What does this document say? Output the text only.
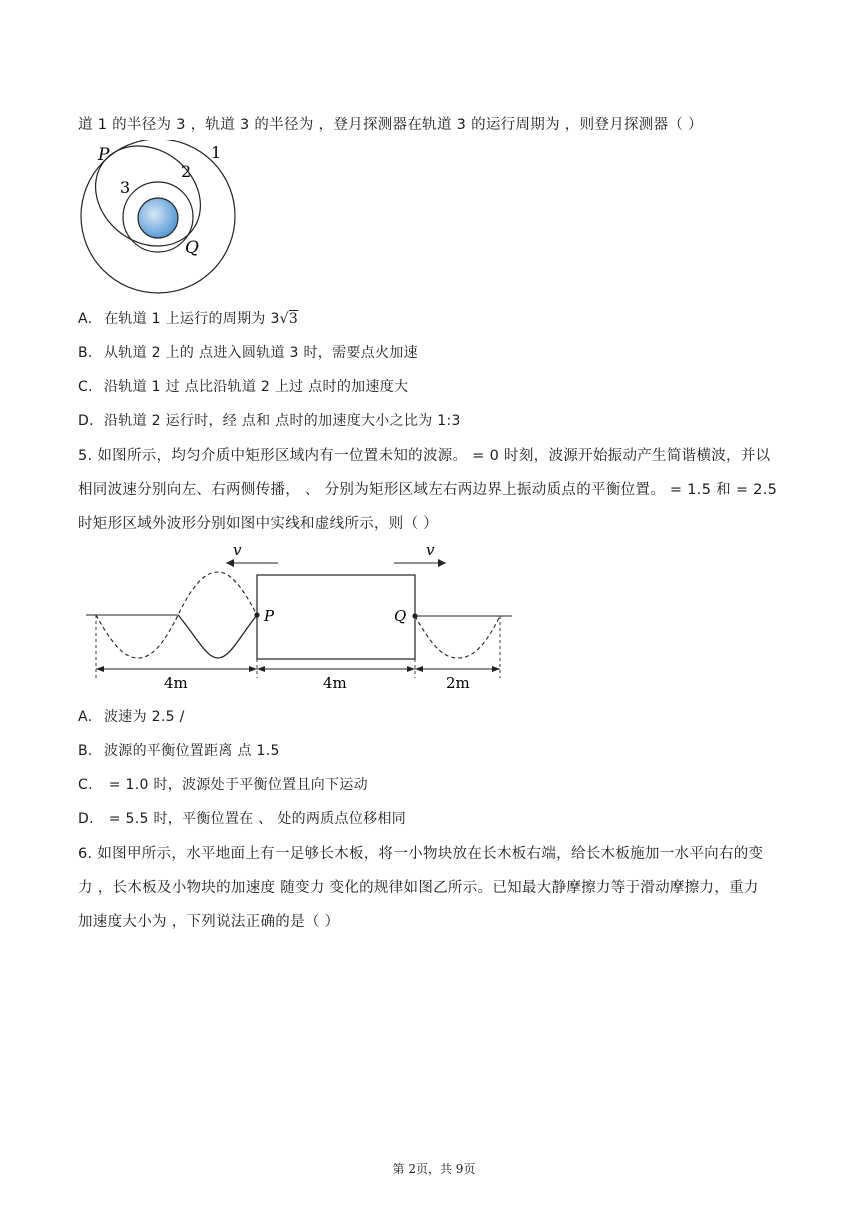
道 1 的半径为 3 ，轨道 3 的半径为 ，登月探测器在轨道 3 的运行周期为 ，则登月探测器（ ）
P	1
2
3
Q
A. 在轨道 1 上运行的周期为 3√3
B. 从轨道 2 上的 点进入圆轨道 3 时，需要点火加速
C. 沿轨道 1 过 点比沿轨道 2 上过 点时的加速度大
D. 沿轨道 2 运行时，经 点和 点时的加速度大小之比为 1:3
5. 如图所示，均匀介质中矩形区域内有一位置未知的波源。 = 0 时刻，波源开始振动产生简谐横波，并以
相同波速分别向左、右两侧传播， 、 分别为矩形区域左右两边界上振动质点的平衡位置。 = 1.5 和 = 2.5
时矩形区域外波形分别如图中实线和虚线所示，则（ ）
v	v
P	Q
4m	4m	2m
A. 波速为 2.5 /
B. 波源的平衡位置距离 点 1.5
C. = 1.0 时，波源处于平衡位置且向下运动
D. = 5.5 时，平衡位置在 、 处的两质点位移相同
6. 如图甲所示，水平地面上有一足够长木板，将一小物块放在长木板右端，给长木板施加一水平向右的变
力 ，长木板及小物块的加速度 随变力 变化的规律如图乙所示。已知最大静摩擦力等于滑动摩擦力，重力
加速度大小为 ，下列说法正确的是（ ）
第 2页，共 9页
